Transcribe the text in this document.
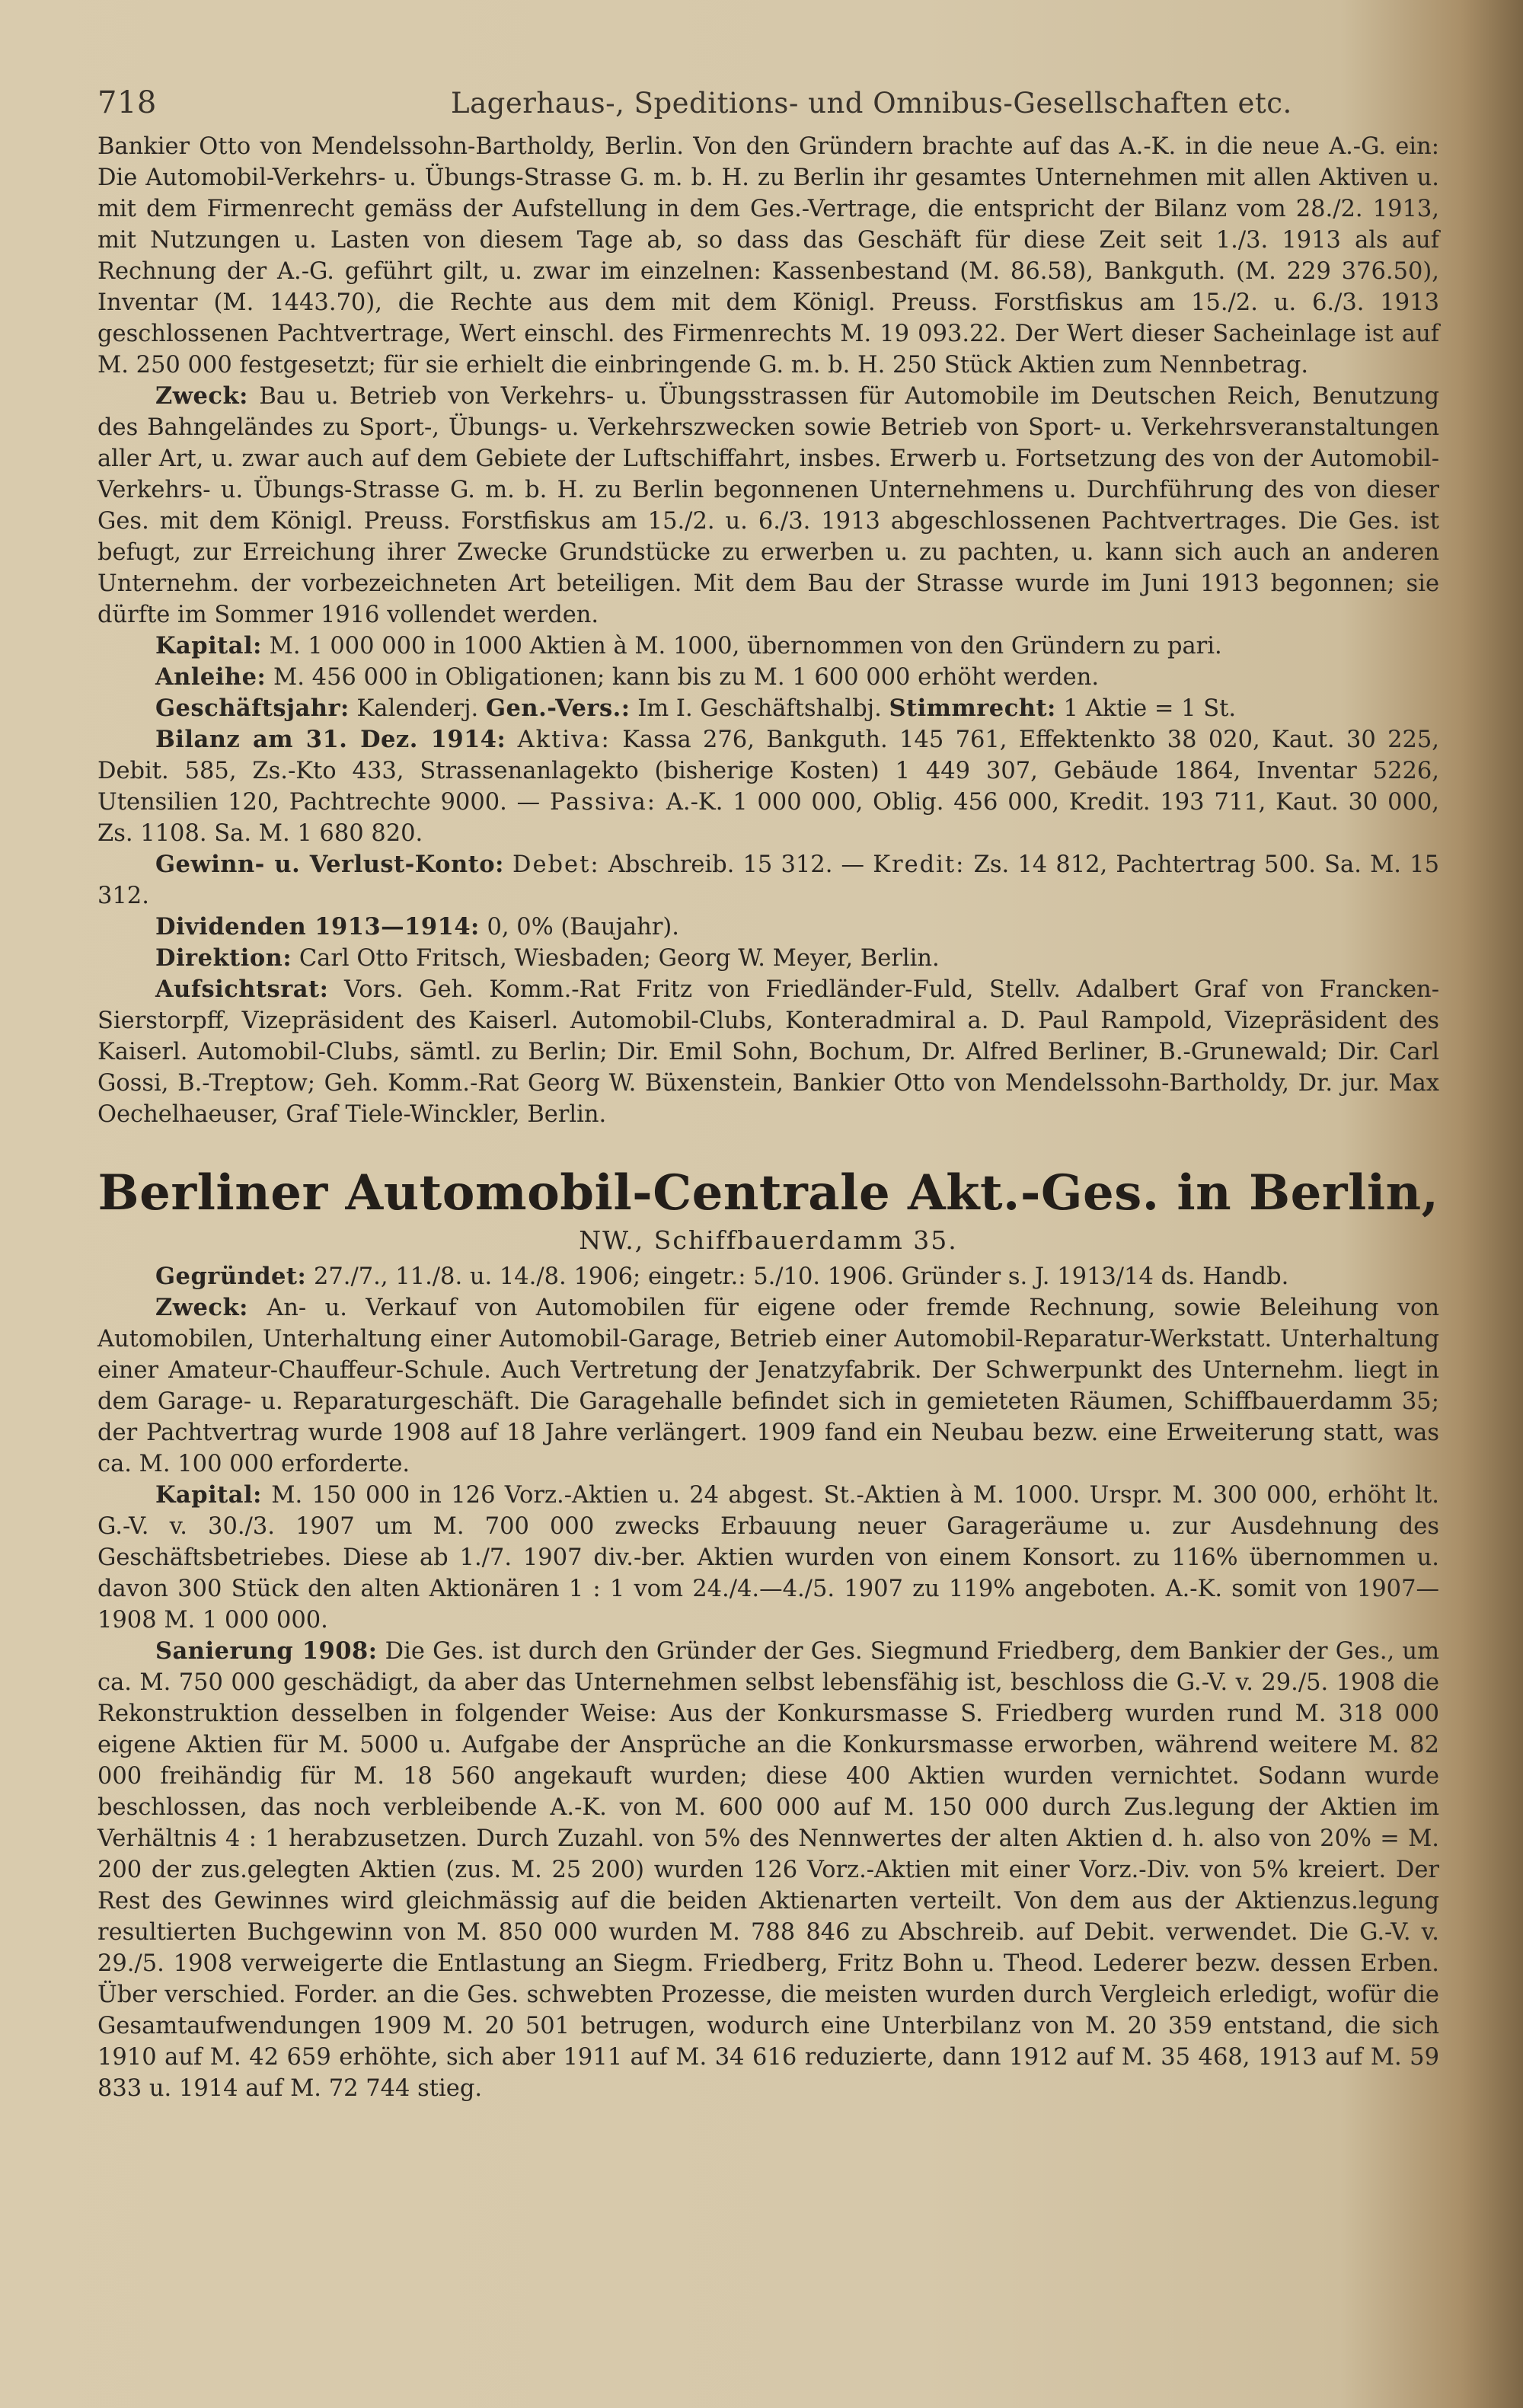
718	Lagerhaus-, Speditions- und Omnibus-Gesellschaften etc.

Bankier Otto von Mendelssohn-Bartholdy, Berlin. Von den Gründern brachte auf das A.-K. in die neue A.-G. ein: Die Automobil-Verkehrs- u. Übungs-Strasse G. m. b. H. zu Berlin ihr gesamtes Unternehmen mit allen Aktiven u. mit dem Firmenrecht gemäss der Aufstellung in dem Ges.-Vertrage, die entspricht der Bilanz vom 28./2. 1913, mit Nutzungen u. Lasten von diesem Tage ab, so dass das Geschäft für diese Zeit seit 1./3. 1913 als auf Rechnung der A.-G. geführt gilt, u. zwar im einzelnen: Kassenbestand (M. 86.58), Bankguth. (M. 229 376.50), Inventar (M. 1443.70), die Rechte aus dem mit dem Königl. Preuss. Forstfiskus am 15./2. u. 6./3. 1913 geschlossenen Pachtvertrage, Wert einschl. des Firmenrechts M. 19 093.22. Der Wert dieser Sacheinlage ist auf M. 250 000 festgesetzt; für sie erhielt die einbringende G. m. b. H. 250 Stück Aktien zum Nennbetrag.

Zweck: Bau u. Betrieb von Verkehrs- u. Übungsstrassen für Automobile im Deutschen Reich, Benutzung des Bahngeländes zu Sport-, Übungs- u. Verkehrszwecken sowie Betrieb von Sport- u. Verkehrsveranstaltungen aller Art, u. zwar auch auf dem Gebiete der Luftschiffahrt, insbes. Erwerb u. Fortsetzung des von der Automobil-Verkehrs- u. Übungs-Strasse G. m. b. H. zu Berlin begonnenen Unternehmens u. Durchführung des von dieser Ges. mit dem Königl. Preuss. Forstfiskus am 15./2. u. 6./3. 1913 abgeschlossenen Pachtvertrages. Die Ges. ist befugt, zur Erreichung ihrer Zwecke Grundstücke zu erwerben u. zu pachten, u. kann sich auch an anderen Unternehm. der vorbezeichneten Art beteiligen. Mit dem Bau der Strasse wurde im Juni 1913 begonnen; sie dürfte im Sommer 1916 vollendet werden.

Kapital: M. 1 000 000 in 1000 Aktien à M. 1000, übernommen von den Gründern zu pari.

Anleihe: M. 456 000 in Obligationen; kann bis zu M. 1 600 000 erhöht werden.

Geschäftsjahr: Kalenderj. Gen.-Vers.: Im I. Geschäftshalbj. Stimmrecht: 1 Aktie = 1 St.

Bilanz am 31. Dez. 1914: Aktiva: Kassa 276, Bankguth. 145 761, Effektenkto 38 020, Kaut. 30 225, Debit. 585, Zs.-Kto 433, Strassenanlagekto (bisherige Kosten) 1 449 307, Gebäude 1864, Inventar 5226, Utensilien 120, Pachtrechte 9000. — Passiva: A.-K. 1 000 000, Oblig. 456 000, Kredit. 193 711, Kaut. 30 000, Zs. 1108. Sa. M. 1 680 820.

Gewinn- u. Verlust-Konto: Debet: Abschreib. 15 312. — Kredit: Zs. 14 812, Pachtertrag 500. Sa. M. 15 312.

Dividenden 1913—1914: 0, 0% (Baujahr).

Direktion: Carl Otto Fritsch, Wiesbaden; Georg W. Meyer, Berlin.

Aufsichtsrat: Vors. Geh. Komm.-Rat Fritz von Friedländer-Fuld, Stellv. Adalbert Graf von Francken-Sierstorpff, Vizepräsident des Kaiserl. Automobil-Clubs, Konteradmiral a. D. Paul Rampold, Vizepräsident des Kaiserl. Automobil-Clubs, sämtl. zu Berlin; Dir. Emil Sohn, Bochum, Dr. Alfred Berliner, B.-Grunewald; Dir. Carl Gossi, B.-Treptow; Geh. Komm.-Rat Georg W. Büxenstein, Bankier Otto von Mendelssohn-Bartholdy, Dr. jur. Max Oechelhaeuser, Graf Tiele-Winckler, Berlin.

Berliner Automobil-Centrale Akt.-Ges. in Berlin,
NW., Schiffbauerdamm 35.

Gegründet: 27./7., 11./8. u. 14./8. 1906; eingetr.: 5./10. 1906. Gründer s. J. 1913/14 ds. Handb.

Zweck: An- u. Verkauf von Automobilen für eigene oder fremde Rechnung, sowie Beleihung von Automobilen, Unterhaltung einer Automobil-Garage, Betrieb einer Automobil-Reparatur-Werkstatt. Unterhaltung einer Amateur-Chauffeur-Schule. Auch Vertretung der Jenatzyfabrik. Der Schwerpunkt des Unternehm. liegt in dem Garage- u. Reparaturgeschäft. Die Garagehalle befindet sich in gemieteten Räumen, Schiffbauerdamm 35; der Pachtvertrag wurde 1908 auf 18 Jahre verlängert. 1909 fand ein Neubau bezw. eine Erweiterung statt, was ca. M. 100 000 erforderte.

Kapital: M. 150 000 in 126 Vorz.-Aktien u. 24 abgest. St.-Aktien à M. 1000. Urspr. M. 300 000, erhöht lt. G.-V. v. 30./3. 1907 um M. 700 000 zwecks Erbauung neuer Garageräume u. zur Ausdehnung des Geschäftsbetriebes. Diese ab 1./7. 1907 div.-ber. Aktien wurden von einem Konsort. zu 116% übernommen u. davon 300 Stück den alten Aktionären 1 : 1 vom 24./4.—4./5. 1907 zu 119% angeboten. A.-K. somit von 1907—1908 M. 1 000 000.

Sanierung 1908: Die Ges. ist durch den Gründer der Ges. Siegmund Friedberg, dem Bankier der Ges., um ca. M. 750 000 geschädigt, da aber das Unternehmen selbst lebensfähig ist, beschloss die G.-V. v. 29./5. 1908 die Rekonstruktion desselben in folgender Weise: Aus der Konkursmasse S. Friedberg wurden rund M. 318 000 eigene Aktien für M. 5000 u. Aufgabe der Ansprüche an die Konkursmasse erworben, während weitere M. 82 000 freihändig für M. 18 560 angekauft wurden; diese 400 Aktien wurden vernichtet. Sodann wurde beschlossen, das noch verbleibende A.-K. von M. 600 000 auf M. 150 000 durch Zus.legung der Aktien im Verhältnis 4 : 1 herabzusetzen. Durch Zuzahl. von 5% des Nennwertes der alten Aktien d. h. also von 20% = M. 200 der zus.gelegten Aktien (zus. M. 25 200) wurden 126 Vorz.-Aktien mit einer Vorz.-Div. von 5% kreiert. Der Rest des Gewinnes wird gleichmässig auf die beiden Aktienarten verteilt. Von dem aus der Aktienzus.legung resultierten Buchgewinn von M. 850 000 wurden M. 788 846 zu Abschreib. auf Debit. verwendet. Die G.-V. v. 29./5. 1908 verweigerte die Entlastung an Siegm. Friedberg, Fritz Bohn u. Theod. Lederer bezw. dessen Erben. Über verschied. Forder. an die Ges. schwebten Prozesse, die meisten wurden durch Vergleich erledigt, wofür die Gesamtaufwendungen 1909 M. 20 501 betrugen, wodurch eine Unterbilanz von M. 20 359 entstand, die sich 1910 auf M. 42 659 erhöhte, sich aber 1911 auf M. 34 616 reduzierte, dann 1912 auf M. 35 468, 1913 auf M. 59 833 u. 1914 auf M. 72 744 stieg.
